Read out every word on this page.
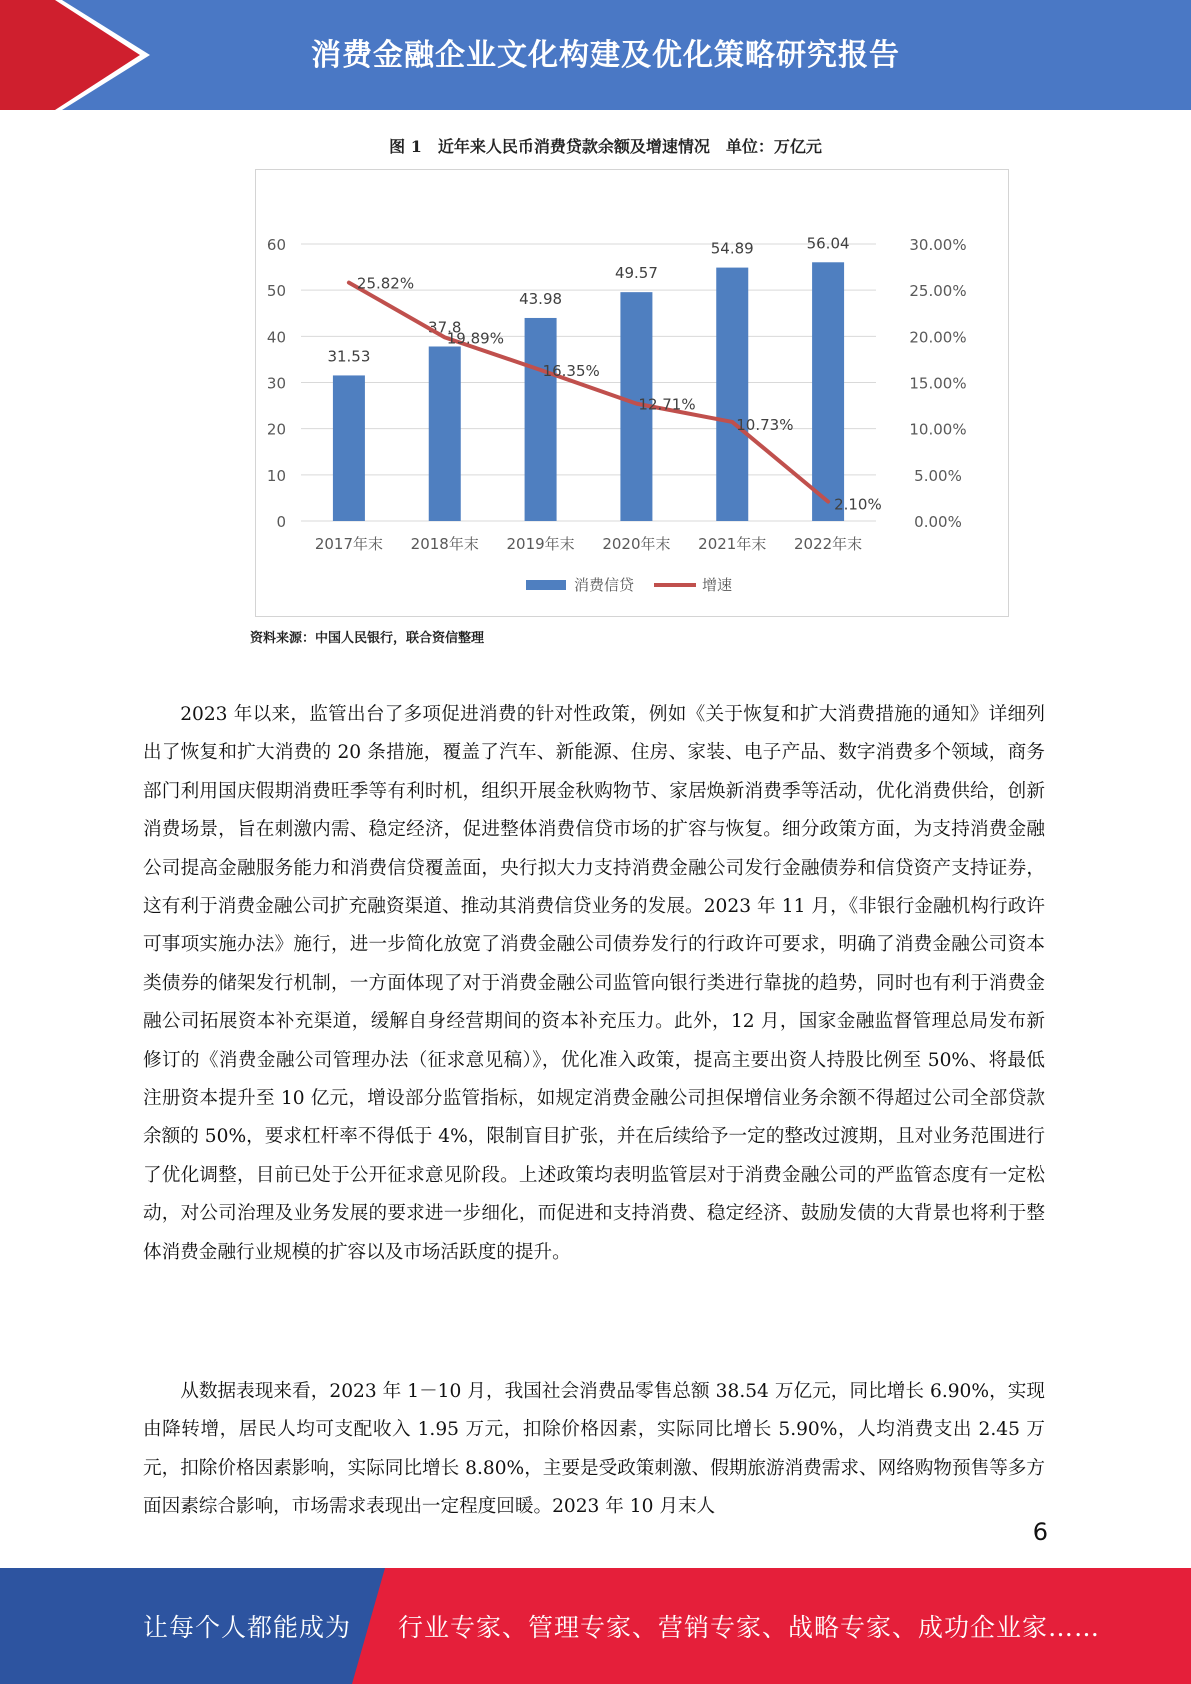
消费金融企业文化构建及优化策略研究报告
图 1　近年来人民币消费贷款余额及增速情况　单位：万亿元
0	0.00%
10	5.00%
20	10.00%
30	15.00%
40	20.00%
50	25.00%
60	30.00%
31.53
37.8
43.98
49.57
54.89	56.04
25.82%
19.89%
16.35%
12.71%
10.73%
2.10%
2017年末 2018年末 2019年末 2020年末 2021年末 2022年末
消费信贷	增速
资料来源：中国人民银行，联合资信整理

2023 年以来，监管出台了多项促进消费的针对性政策，例如《关于恢复和扩大消费措施的通知》详细列出了恢复和扩大消费的 20 条措施，覆盖了汽车、新能源、住房、家装、电子产品、数字消费多个领域，商务部门利用国庆假期消费旺季等有利时机，组织开展金秋购物节、家居焕新消费季等活动，优化消费供给，创新消费场景，旨在刺激内需、稳定经济，促进整体消费信贷市场的扩容与恢复。细分政策方面，为支持消费金融公司提高金融服务能力和消费信贷覆盖面，央行拟大力支持消费金融公司发行金融债券和信贷资产支持证券，这有利于消费金融公司扩充融资渠道、推动其消费信贷业务的发展。2023 年 11 月，《非银行金融机构行政许可事项实施办法》施行，进一步简化放宽了消费金融公司债券发行的行政许可要求，明确了消费金融公司资本类债券的储架发行机制，一方面体现了对于消费金融公司监管向银行类进行靠拢的趋势，同时也有利于消费金融公司拓展资本补充渠道，缓解自身经营期间的资本补充压力。此外，12 月，国家金融监督管理总局发布新修订的《消费金融公司管理办法（征求意见稿）》，优化准入政策，提高主要出资人持股比例至 50%、将最低注册资本提升至 10 亿元，增设部分监管指标，如规定消费金融公司担保增信业务余额不得超过公司全部贷款余额的 50%，要求杠杆率不得低于 4%，限制盲目扩张，并在后续给予一定的整改过渡期，且对业务范围进行了优化调整，目前已处于公开征求意见阶段。上述政策均表明监管层对于消费金融公司的严监管态度有一定松动，对公司治理及业务发展的要求进一步细化，而促进和支持消费、稳定经济、鼓励发债的大背景也将利于整体消费金融行业规模的扩容以及市场活跃度的提升。

从数据表现来看，2023 年 1－10 月，我国社会消费品零售总额 38.54 万亿元，同比增长 6.90%，实现由降转增，居民人均可支配收入 1.95 万元，扣除价格因素，实际同比增长 5.90%，人均消费支出 2.45 万元，扣除价格因素影响，实际同比增长 8.80%，主要是受政策刺激、假期旅游消费需求、网络购物预售等多方面因素综合影响，市场需求表现出一定程度回暖。2023 年 10 月末人

6
让每个人都能成为 行业专家、管理专家、营销专家、战略专家、成功企业家……
